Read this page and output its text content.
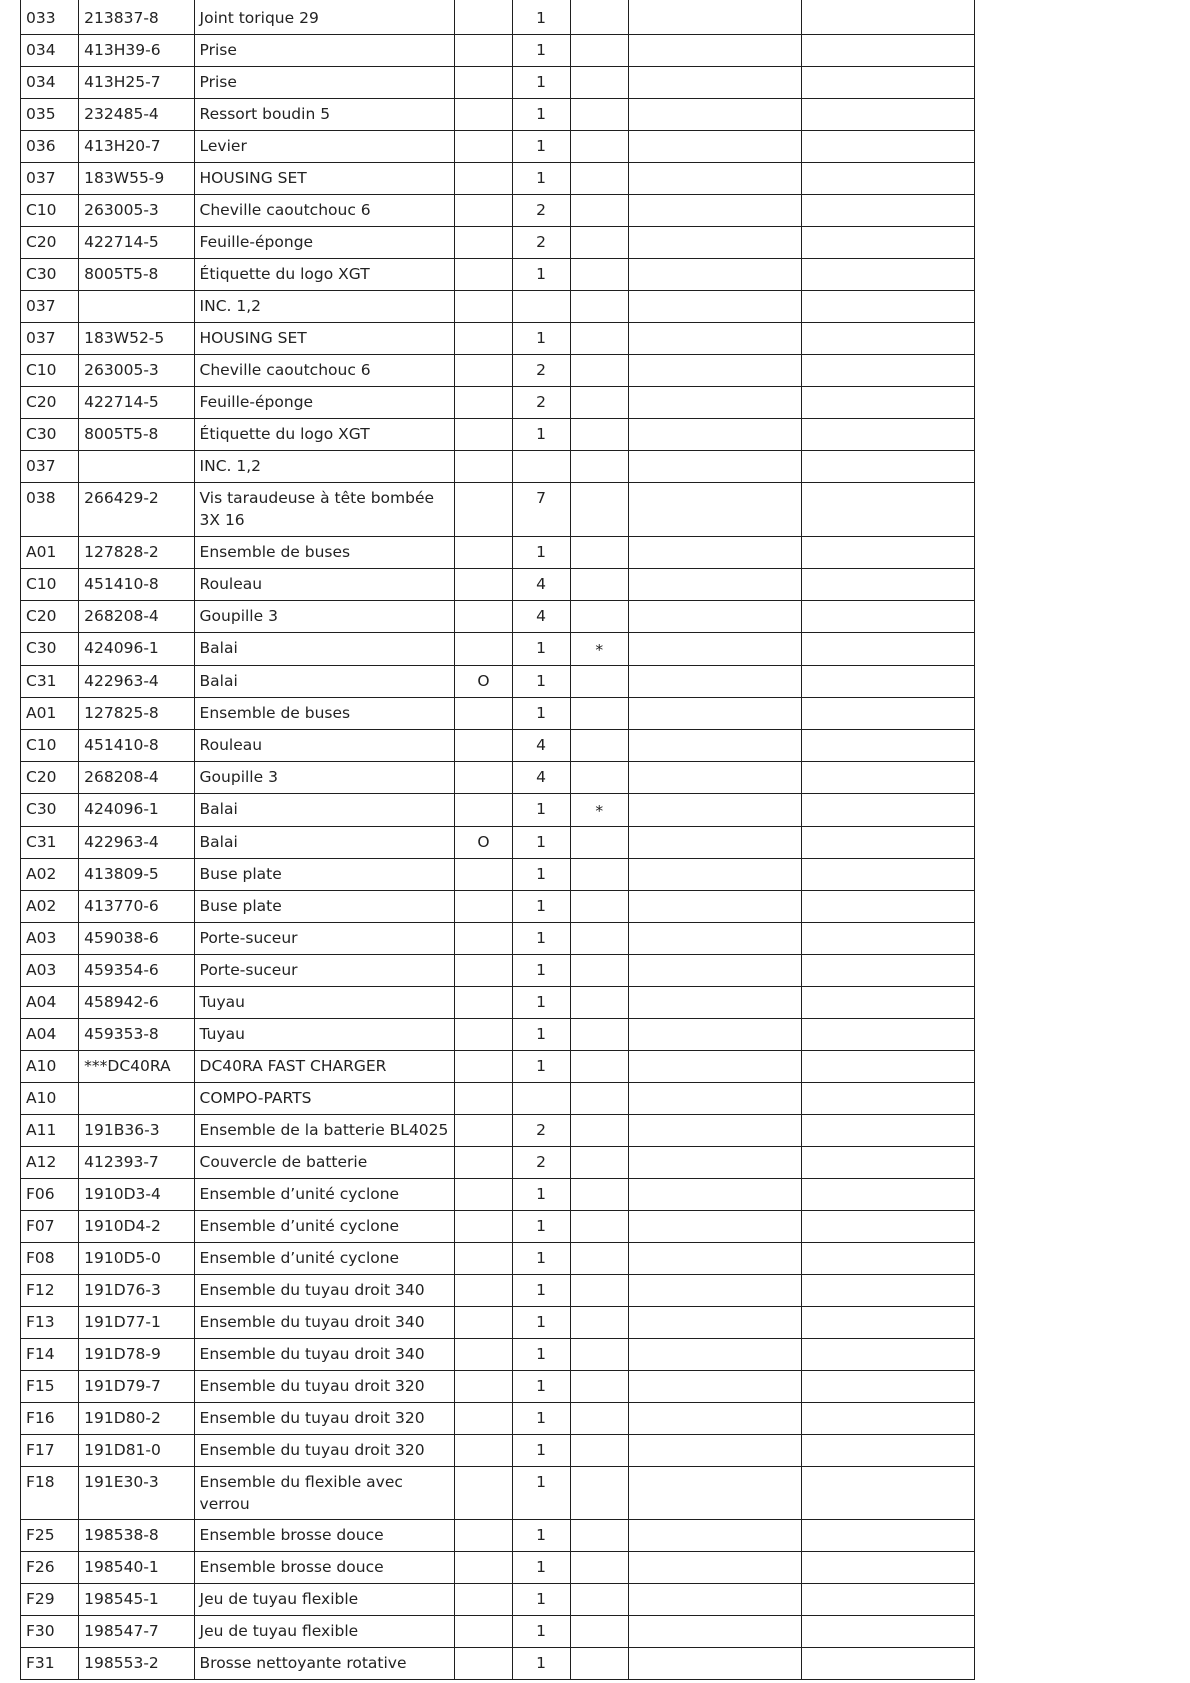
033	213837-8	Joint torique 29		1			
034	413H39-6	Prise		1			
034	413H25-7	Prise		1			
035	232485-4	Ressort boudin 5		1			
036	413H20-7	Levier		1			
037	183W55-9	HOUSING SET		1			
C10	263005-3	Cheville caoutchouc 6		2			
C20	422714-5	Feuille-éponge		2			
C30	8005T5-8	Étiquette du logo XGT		1			
037		INC. 1,2					
037	183W52-5	HOUSING SET		1			
C10	263005-3	Cheville caoutchouc 6		2			
C20	422714-5	Feuille-éponge		2			
C30	8005T5-8	Étiquette du logo XGT		1			
037		INC. 1,2					
038	266429-2	Vis taraudeuse à tête bombée 3X 16		7			
A01	127828-2	Ensemble de buses		1			
C10	451410-8	Rouleau		4			
C20	268208-4	Goupille 3		4			
C30	424096-1	Balai		1	*		
C31	422963-4	Balai	O	1			
A01	127825-8	Ensemble de buses		1			
C10	451410-8	Rouleau		4			
C20	268208-4	Goupille 3		4			
C30	424096-1	Balai		1	*		
C31	422963-4	Balai	O	1			
A02	413809-5	Buse plate		1			
A02	413770-6	Buse plate		1			
A03	459038-6	Porte-suceur		1			
A03	459354-6	Porte-suceur		1			
A04	458942-6	Tuyau		1			
A04	459353-8	Tuyau		1			
A10	***DC40RA	DC40RA FAST CHARGER		1			
A10		COMPO-PARTS					
A11	191B36-3	Ensemble de la batterie BL4025		2			
A12	412393-7	Couvercle de batterie		2			
F06	1910D3-4	Ensemble d’unité cyclone		1			
F07	1910D4-2	Ensemble d’unité cyclone		1			
F08	1910D5-0	Ensemble d’unité cyclone		1			
F12	191D76-3	Ensemble du tuyau droit 340		1			
F13	191D77-1	Ensemble du tuyau droit 340		1			
F14	191D78-9	Ensemble du tuyau droit 340		1			
F15	191D79-7	Ensemble du tuyau droit 320		1			
F16	191D80-2	Ensemble du tuyau droit 320		1			
F17	191D81-0	Ensemble du tuyau droit 320		1			
F18	191E30-3	Ensemble du flexible avec verrou		1			
F25	198538-8	Ensemble brosse douce		1			
F26	198540-1	Ensemble brosse douce		1			
F29	198545-1	Jeu de tuyau flexible		1			
F30	198547-7	Jeu de tuyau flexible		1			
F31	198553-2	Brosse nettoyante rotative		1			
